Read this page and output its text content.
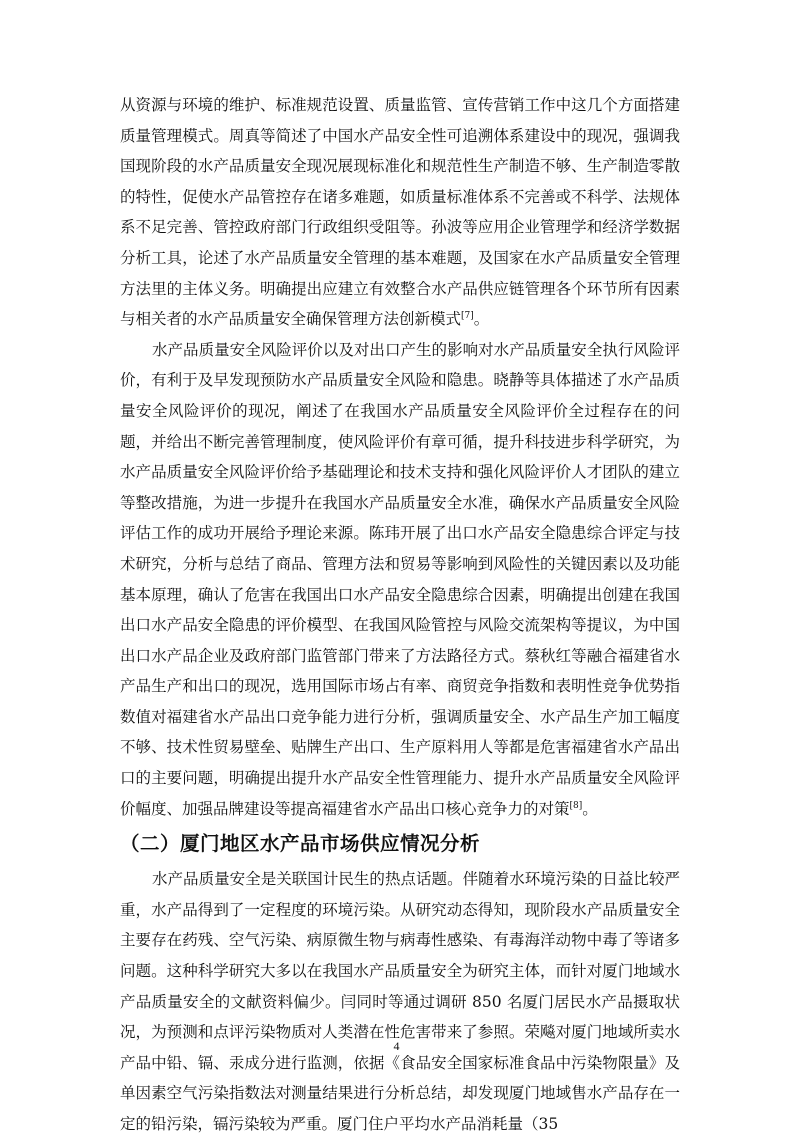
从资源与环境的维护、标准规范设置、质量监管、宣传营销工作中这几个方面搭建质量管理模式。周真等简述了中国水产品安全性可追溯体系建设中的现况，强调我国现阶段的水产品质量安全现况展现标准化和规范性生产制造不够、生产制造零散的特性，促使水产品管控存在诸多难题，如质量标准体系不完善或不科学、法规体系不足完善、管控政府部门行政组织受阻等。孙波等应用企业管理学和经济学数据分析工具，论述了水产品质量安全管理的基本难题，及国家在水产品质量安全管理方法里的主体义务。明确提出应建立有效整合水产品供应链管理各个环节所有因素与相关者的水产品质量安全确保管理方法创新模式[7]。

水产品质量安全风险评价以及对出口产生的影响对水产品质量安全执行风险评价，有利于及早发现预防水产品质量安全风险和隐患。晓静等具体描述了水产品质量安全风险评价的现况，阐述了在我国水产品质量安全风险评价全过程存在的问题，并给出不断完善管理制度，使风险评价有章可循，提升科技进步科学研究，为水产品质量安全风险评价给予基础理论和技术支持和强化风险评价人才团队的建立等整改措施，为进一步提升在我国水产品质量安全水准，确保水产品质量安全风险评估工作的成功开展给予理论来源。陈玮开展了出口水产品安全隐患综合评定与技术研究，分析与总结了商品、管理方法和贸易等影响到风险性的关键因素以及功能基本原理，确认了危害在我国出口水产品安全隐患综合因素，明确提出创建在我国出口水产品安全隐患的评价模型、在我国风险管控与风险交流架构等提议，为中国出口水产品企业及政府部门监管部门带来了方法路径方式。蔡秋红等融合福建省水产品生产和出口的现况，选用国际市场占有率、商贸竞争指数和表明性竞争优势指数值对福建省水产品出口竞争能力进行分析，强调质量安全、水产品生产加工幅度不够、技术性贸易壁垒、贴牌生产出口、生产原料用人等都是危害福建省水产品出口的主要问题，明确提出提升水产品安全性管理能力、提升水产品质量安全风险评价幅度、加强品牌建设等提高福建省水产品出口核心竞争力的对策[8]。

（二）厦门地区水产品市场供应情况分析

水产品质量安全是关联国计民生的热点话题。伴随着水环境污染的日益比较严重，水产品得到了一定程度的环境污染。从研究动态得知，现阶段水产品质量安全主要存在药残、空气污染、病原微生物与病毒性感染、有毒海洋动物中毒了等诸多问题。这种科学研究大多以在我国水产品质量安全为研究主体，而针对厦门地域水产品质量安全的文献资料偏少。闫同时等通过调研 850 名厦门居民水产品摄取状况，为预测和点评污染物质对人类潜在性危害带来了参照。荣飚对厦门地域所卖水产品中铅、镉、汞成分进行监测，依据《食品安全国家标准食品中污染物限量》及单因素空气污染指数法对测量结果进行分析总结，却发现厦门地域售水产品存在一定的铅污染，镉污染较为严重。厦门住户平均水产品消耗量（35

4
